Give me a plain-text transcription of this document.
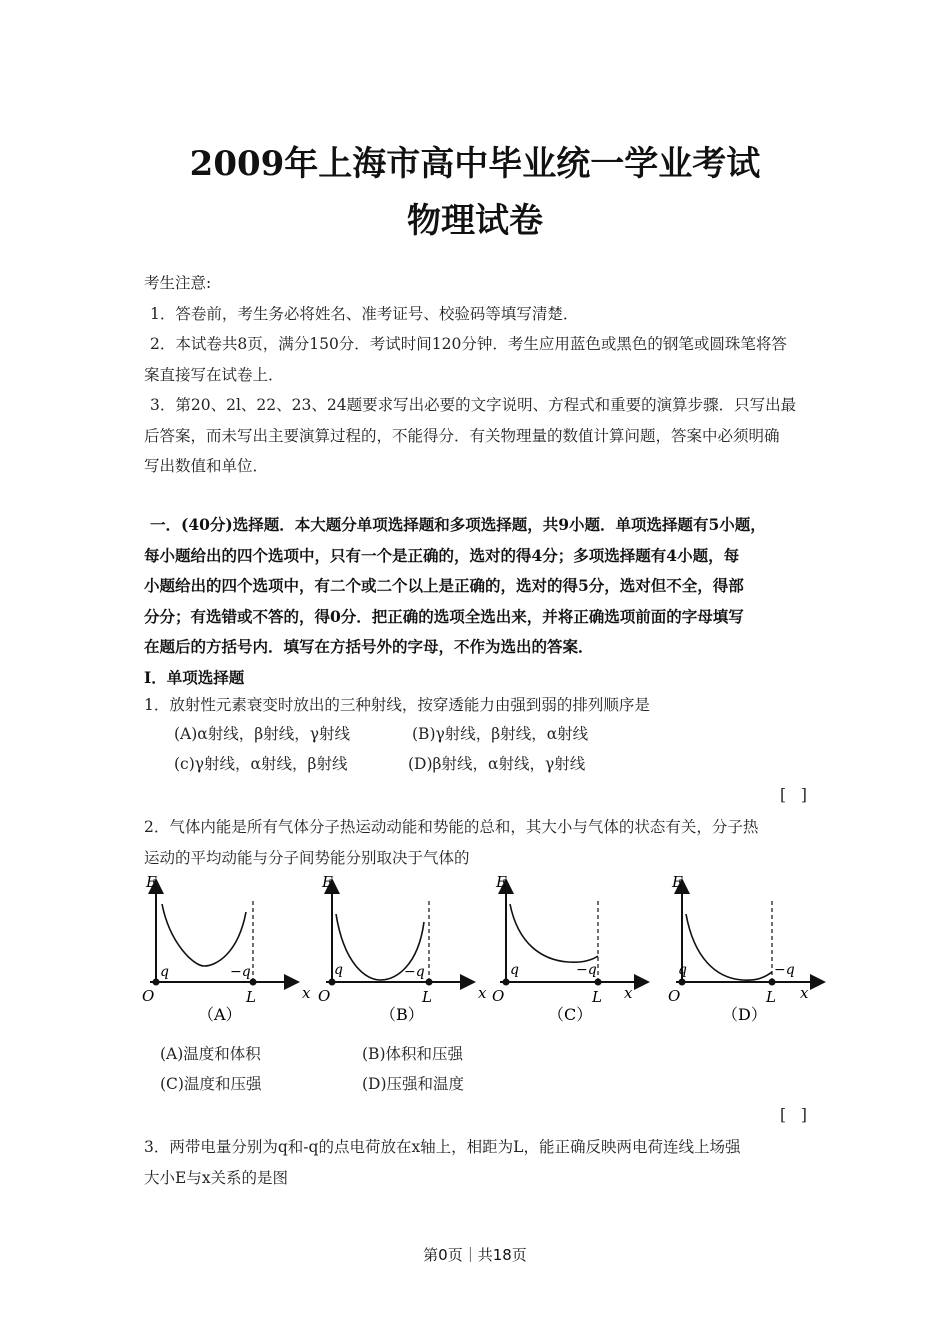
2009年上海市高中毕业统一学业考试
物理试卷
考生注意:
1．答卷前，考生务必将姓名、准考证号、校验码等填写清楚．
2．本试卷共8页，满分150分．考试时间120分钟．考生应用蓝色或黑色的钢笔或圆珠笔将答
案直接写在试卷上．
3．第20、2l、22、23、24题要求写出必要的文字说明、方程式和重要的演算步骤．只写出最
后答案，而未写出主要演算过程的，不能得分．有关物理量的数值计算问题，答案中必须明确
写出数值和单位．
一．(40分)选择题．本大题分单项选择题和多项选择题，共9小题．单项选择题有5小题，
每小题给出的四个选项中，只有一个是正确的，选对的得4分；多项选择题有4小题，每
小题给出的四个选项中，有二个或二个以上是正确的，选对的得5分，选对但不全，得部
分分；有选错或不答的，得0分．把正确的选项全选出来，并将正确选项前面的字母填写
在题后的方括号内．填写在方括号外的字母，不作为选出的答案．
Ⅰ．单项选择题
1．放射性元素衰变时放出的三种射线，按穿透能力由强到弱的排列顺序是
(A)α射线，β射线，γ射线	(B)γ射线，β射线，α射线
(c)γ射线，α射线，β射线	(D)β射线，α射线，γ射线
[   ]
2．气体内能是所有气体分子热运动动能和势能的总和，其大小与气体的状态有关，分子热
运动的平均动能与分子间势能分别取决于气体的
E
x
O
q	−q
L
（A）
E
x
O
q	−q
L
（B）
E
x
O
q	−q
L
（C）
E
x
O
q	−q
L
（D）
(A)温度和体积	(B)体积和压强
(C)温度和压强	(D)压强和温度
[   ]
3．两带电量分别为q和-q的点电荷放在x轴上，相距为L，能正确反映两电荷连线上场强
大小E与x关系的是图
第0页｜共18页
